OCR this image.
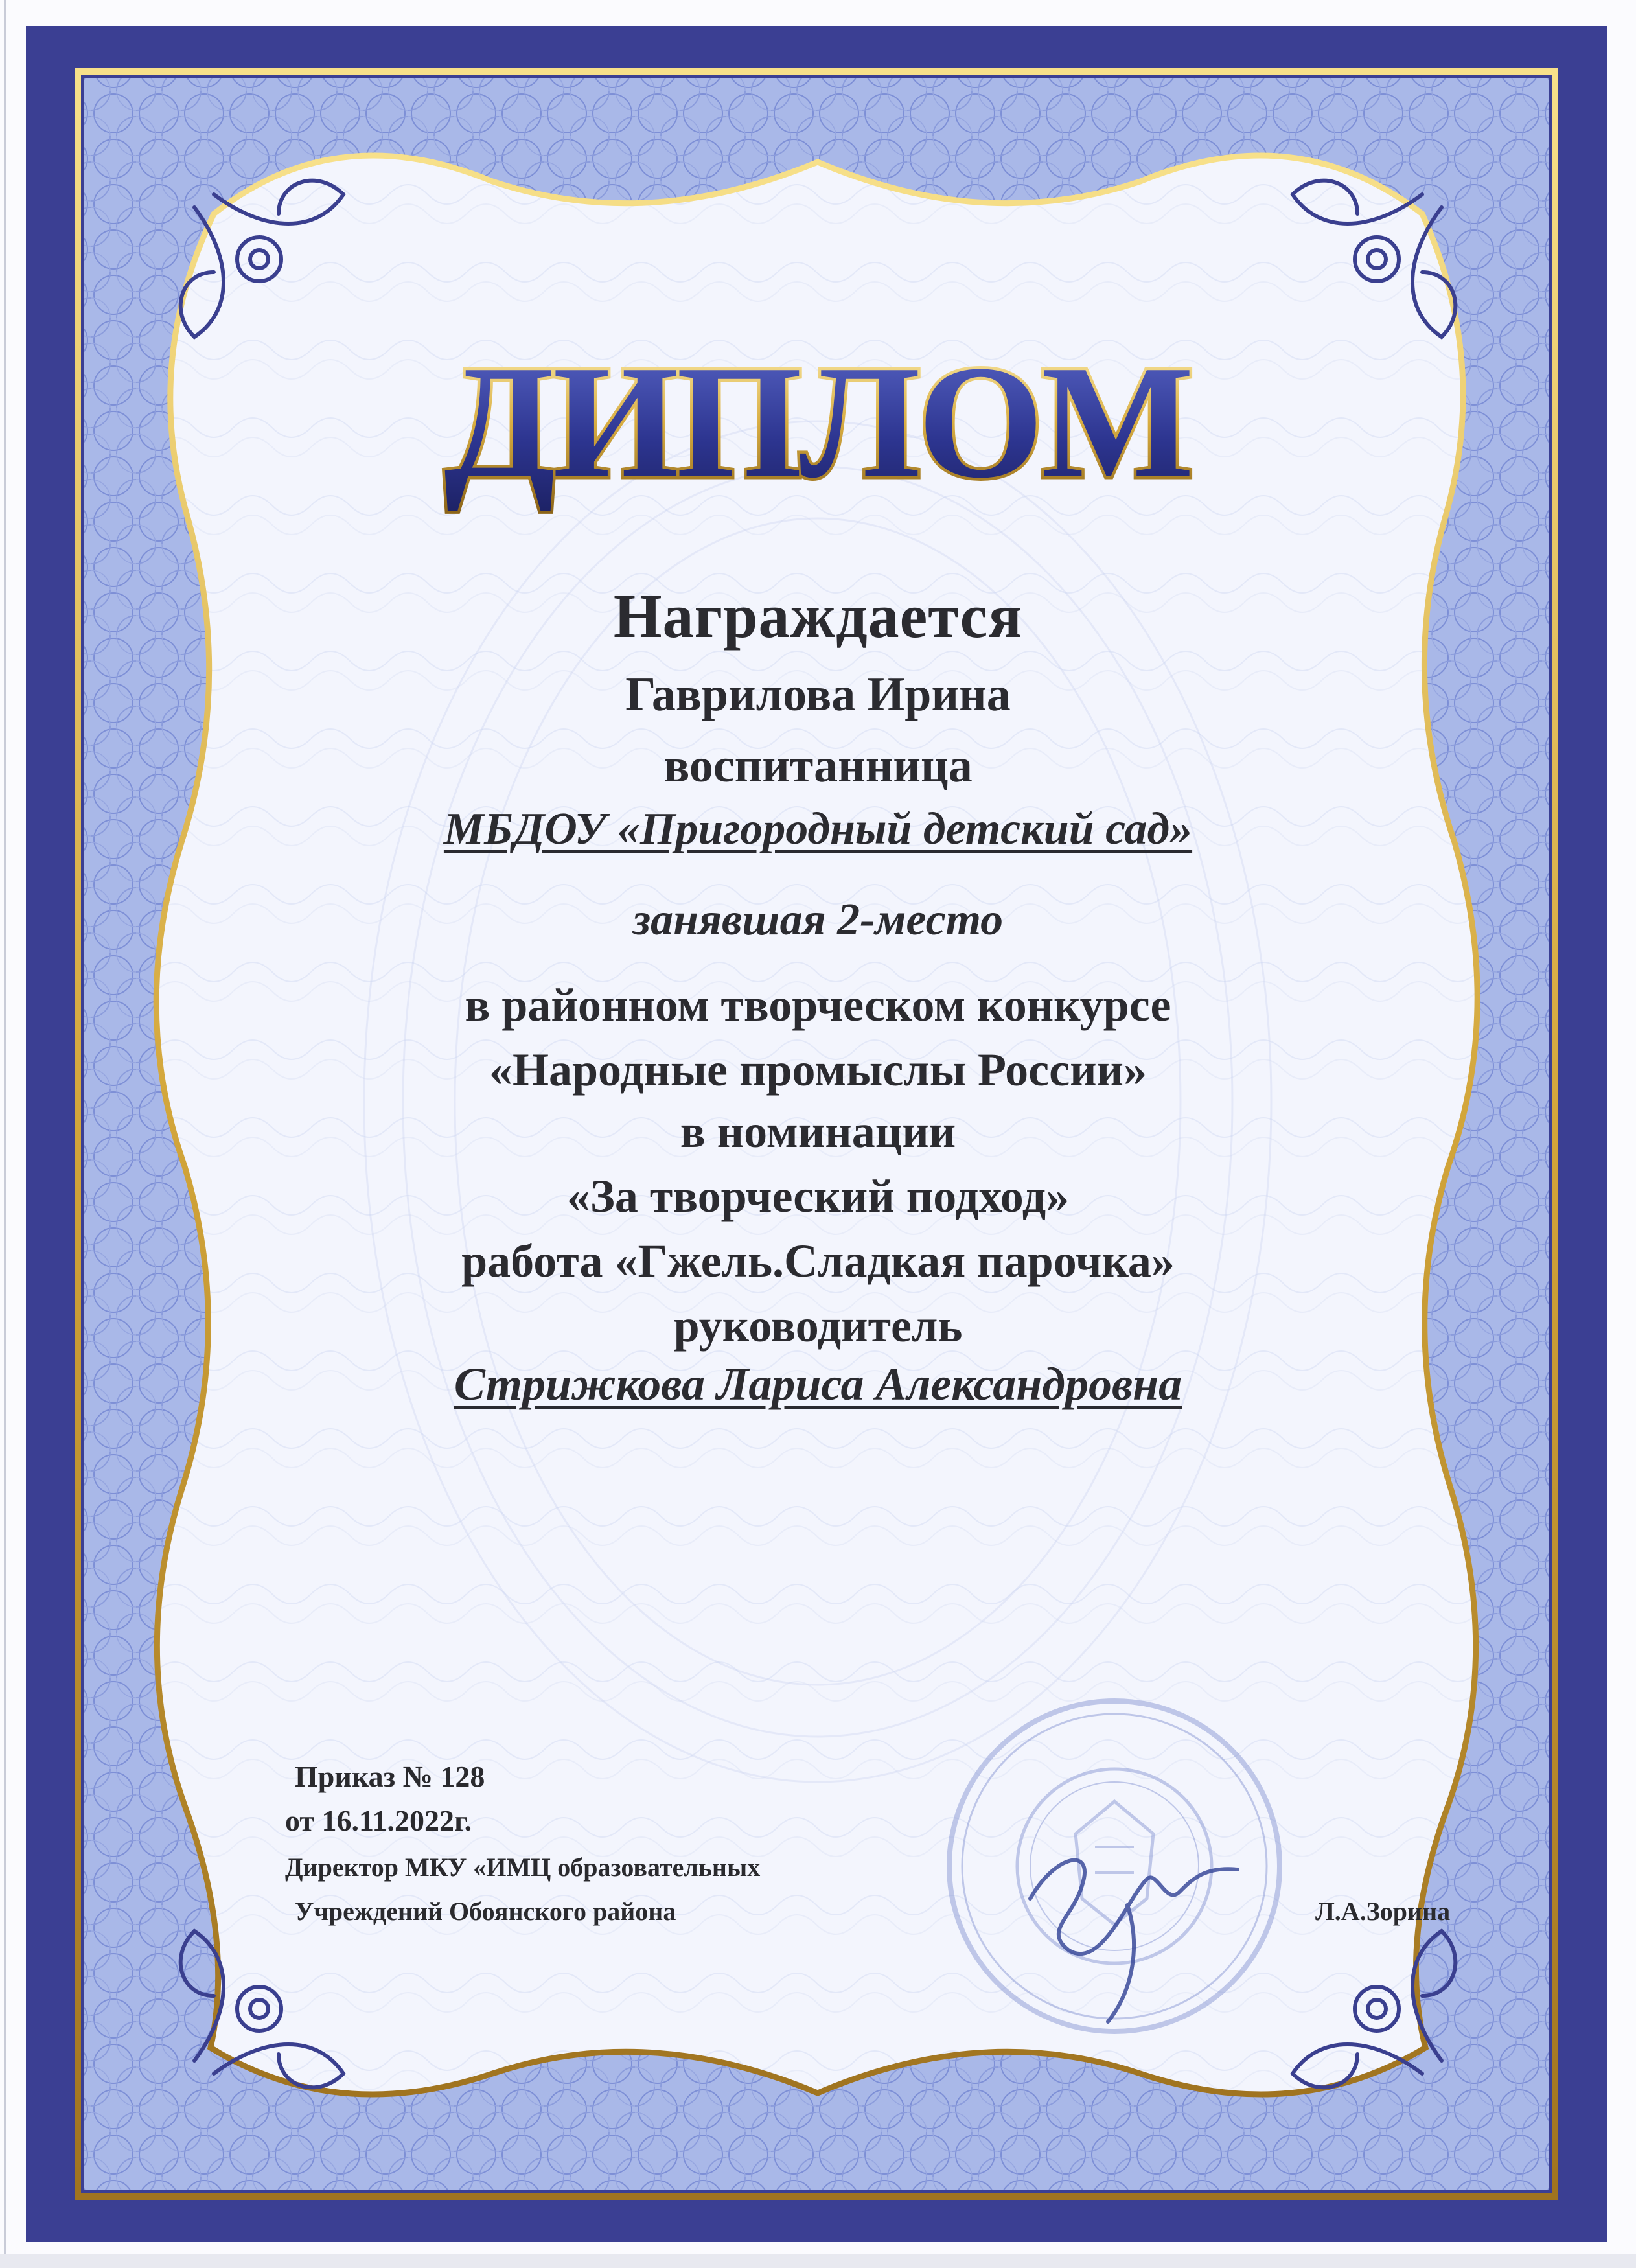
ДИПЛОМ
Награждается
Гаврилова Ирина
воспитанница
МБДОУ «Пригородный детский сад»
занявшая 2-место
в районном творческом конкурсе
«Народные промыслы России»
в номинации
«За творческий подход»
работа «Гжель.Сладкая парочка»
руководитель
Стрижкова Лариса Александровна
Приказ № 128
от 16.11.2022г.
Директор МКУ «ИМЦ образовательных
Учреждений Обоянского района	Л.А.Зорина
